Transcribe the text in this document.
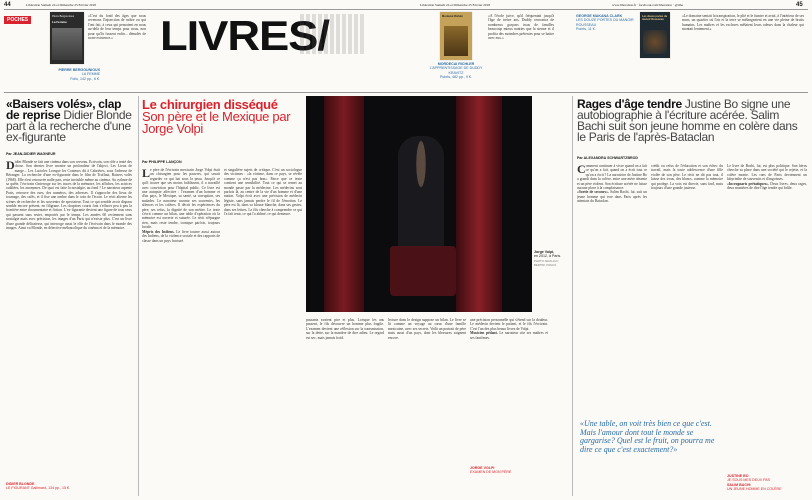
44	Libération Samedi 24 et Dimanche 25 Février 2018	Libération Samedi 24 et Dimanche 25 Février 2018	www.liberation.fr · facebook.com/liberation · @libe	45
POCHES
Pierre Bergounioux
La Femme
PIERRE BERGOUNIOUX
LA FEMME
Folio, 142 pp., 6 €.
«C'est du fond des âges que nous revenons l'injonction de naître ou qui l'ont fait, à ceux qui pensaient en nous au-delà de leur temps pour nous, non pour qu'ils fussent enfin... dénudés de notre existence.»	LIVRES/	Mordecai Richler
MORDECAI RICHLER
L'APPRENTISSAGE DE DUDDY KRAVITZ
Points, 482 pp., 9 €.
«A l'école juive, qu'il fréquentait jusqu'à l'âge de treize ans, Duddy rencontra de nombreux garçons issus de familles beaucoup mieux nanties que la sienne et il profita des moindres prétextes pour se battre avec eux.»
Les douze portes du manoir Rousseau
GEORGE MAKANA CLARK
LES DOUZE PORTES DU MANOIR ROUSSEAU
Points, 11 €.
«Le domaine sentait la transpiration, le plié et le fumier et avait, à l'intérieur de ses murs, un quartier où l'air et la terre se mélangeaient en une vie pleine de bruits humains. Les maîtres et les esclaves mêlaient leurs odeurs dans la chaleur qui montait lentement.»
«Baisers volés», clap de reprise Didier Blonde part à la recherche d'une ex-figurante
Par JEAN-DIDIER WAGNEUR
Didier Blonde se fait une cinéma dans son cerveau. Ecrivain, son rôle a tenté des chose. Son dernier livre montre un profondeur de l'abject, Les Lieux de marge... Les Lucioles Lorsque les Conteurs dit à Cabrières, sous l'adresse de Béranger. La recherche d'une ex-figurante dans le film de Truffaut, Baisers volés (1968). Elle n'est retrouvée nulle part, reste invisible même au cinéma. Au rythme de sa quête, l'écrivain s'interroge sur les traces de la mémoire, les affiches, les actrices oubliées, les anonymes. De quoi est faite la nostalgie, au fond ? Le narrateur arpente Paris, retrouve des rues, des numéros, des adresses. Il s'approche des lieux de tournage, des cafés, et il fixe une ombre dans le coin de l'écran. Le récit alterne les scènes de recherche et les souvenirs de spectateur. Tout ce qui semble avoir disparu semble encore présent, en filigrane. Les chapitres courts font s'effacer peu à peu la frontière entre documentaire et fiction. L'ex-figurante devient une figure de tous ceux qui passent sans rester, emportés par le temps. Les années 60 reviennent sans nostalgie mais avec précision, les images d'un Paris qui n'existe plus. C'est un livre d'une grande délicatesse, qui interroge aussi le rôle de l'écrivain dans le monde des images. Ainsi va Blonde, en détective mélancolique du cinéma et de la mémoire.
DIDIER BLONDE
LE FIGURANT Gallimard, 134 pp., 15 €.
Le chirurgien disséqué Son père et le Mexique par Jorge Volpi
Par PHILIPPE LANÇON
Le père de l'écrivain mexicain Jorge Volpi était un chirurgien pour les pauvres, qui savait regarder ce qui bat sous la peau. Jusqu'à ce qu'il trouve que ses moins faiblissent, il a travaillé avec conviction pour l'hôpital public. Ce livre est une autopsie affective : l'examen d'un homme et d'un pays, le Mexique, sa santé, sa corruption, ses malades. Le narrateur raconte ses souvenirs, les silences et les colères. Il décrit les expériences du père, ses refus, la dignité de son métier. Le texte s'écrit comme un bilan, une table d'opération où la mémoire est ouverte et suturée. Le récit n'épargne rien, mais reste tendre, ironique parfois, toujours lucide.
Mépris des Indiens. Le livre tourne aussi autour des Indiens, de la violence sociale et des rapports de classe dans un pays fracturé.
et singulière sujets de critique. C'est un sociologue des victimes : «la victime, dans ce pays, se révèle comme ça n'est pas bon». Parce que ce texte contient une sensibilité. Tout ce qui se remet au monde passe par la médecine. Les médecins sont parfois là, au centre de la vie d'un homme et d'une nation. Volpi écrit avec une précision de médecin légiste, sans jamais perdre le fil de l'émotion. Le père est là, dans sa blouse blanche, dans ses gestes, dans ses lettres. Le fils cherche à comprendre ce qui l'a fait tenir, ce qui l'a abîmé, ce qui demeure.
passants avaient pire et plus. Lorsque les ans passent, le fils découvre un homme plus fragile. L'examen devient une réflexion sur la transmission, sur la dette, sur la manière de dire adieu. Le regard est sec, mais jamais froid.
lecture dans le design suppose un bilan. Le livre se lit comme un voyage au cœur d'une famille mexicaine, avec ses secrets. Voilà un portrait de père mais aussi d'un pays, dont les blessures saignent encore.
une précision personnelle qui s'étend sur la douleur. Le médecin devient le patient, et le fils l'écrivain. C'est l'un des plus beaux livres de Volpi.
Musicien pédant. Le narrateur cite ses maîtres et ses fantômes.
Jorge Volpi,
en 2012, à Paris.
PHOTO JEAN-LUC BERTINI. PASCO
JORGE VOLPI
EXAMEN DE MON PÈRE
Rages d'âge tendre Justine Bo signe une autobiographie à l'écriture acérée. Salim Bachi suit son jeune homme en colère dans le Paris de l'après-Bataclan
Par ALEXANDRA SCHWARTZBROD
Comment continuer à vivre quand on a fait ce qu'on a fait, quand on a écrit tout ce qu'on a écrit ? La narratrice de Justine Bo a grandi dans la colère, entre une mère absente et un père violent. Son écriture acérée ne laisse aucune place à la complaisance.
«Sortie de secours». Salim Bachi, lui, suit un jeune homme qui erre dans Paris après les attentats du Bataclan.
crédit ou refus de l'éducation et son échec du travail, mais la toute adolescence d'une fille violée de son père. Le récit ne dit pas tout, il laisse des trous, des blancs, comme la mémoire qui protège. La voix est directe, sans fard, mais toujours d'une grande justesse.
Le livre de Bachi, lui, est plus politique. Son héros cherche sa place dans une société qui le rejette, et la colère monte. Les rues de Paris deviennent un labyrinthe de souvenirs et d'angoisses.
«Incrognaris prétatiques». Deux livres, deux rages, deux manières de dire l'âge tendre qui brûle.
«Une table, on voit très bien ce que c'est. Mais l'amour dont tout le monde se gargarise? Quel est le fruit, on pourra me dire ce que c'est exactement?»
JUSTINE BO
JE SOUS MES DEUX PAS
SALIM BACHI
UN JEUNE HOMME EN COLÈRE
